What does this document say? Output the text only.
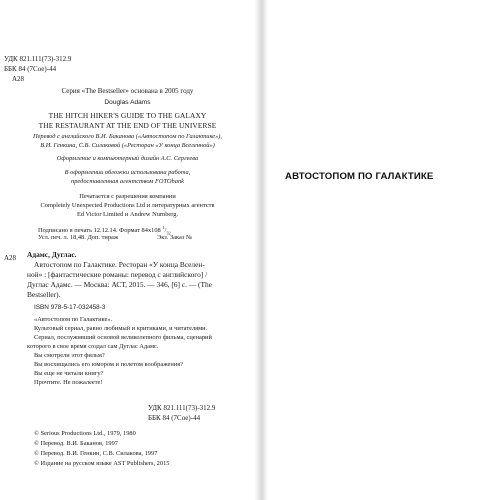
УДК 821.111(73)-312.9

ББК 84 (7Сое)-44

А28

Серия «The Bestseller» основана в 2005 году

Douglas Adams

THE HITCH HIKER'S GUIDE TO THE GALAXY

THE RESTAURANT AT THE END OF THE UNIVERSE

Перевод с английского В.И. Баканова («Автостопом по Галактике»),

В.И. Генкина, С.В. Силаковой («Ресторан «У конца Вселенной»)

Оформление и компьютерный дизайн А.С. Сергеева

В оформлении обложки использована работа,

предоставленная агентством FOTObank

Печатается с разрешения компании

Completely Unexpected Productions Ltd и литературных агентств

Ed Victor Limited и Andrew Nurnberg.

Подписано в печать 12.12.14. Формат 84х108 $^1/_{32}$

Усл. печ. л. 18,48. Доп. тираж	Экз. Заказ №

А28 Адамс, Дуглас.

Автостопом по Галактике. Ресторан «У конца Вселен-

ной» : [фантастические романы: перевод с английского] /

Дуглас Адамс. — Москва: АСТ, 2015. — 346, [6] с. — (The

Bestseller).

ISBN 978-5-17-032458-3

«Автостопом по Галактике».

Культовый сериал, равно любимый и критиками, и читателями.

Сериал, послуживший основой великолепного фильма, сценарий

которого в свое время создал сам Дуглас Адамс.

Вы смотрели этот фильм?

Вы восхищались его юмором и полетом воображения?

Вы еще не читали книгу?

Прочтите. Не пожалеете!

УДК 821.111(73)-312.9

ББК 84 (7Сое)-44

© Serious Productions Ltd., 1979, 1980

© Перевод. В.И. Баканов, 1997

© Перевод. В.И. Генкин, С.В. Силакова, 1997

© Издание на русском языке AST Publishers, 2015

АВТОСТОПОМ ПО ГАЛАКТИКЕ
